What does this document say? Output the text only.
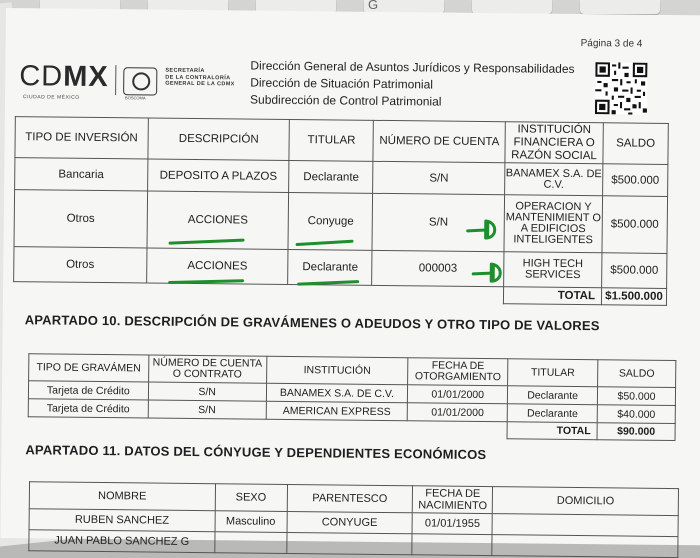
G
Página 3 de 4
CDMX
CIUDAD DE MÉXICO	BOSCOMA
SECRETARÍA
DE LA CONTRALORÍA
GENERAL DE LA CDMX
Dirección General de Asuntos Jurídicos y Responsabilidades
Dirección de Situación Patrimonial
Subdirección de Control Patrimonial
TIPO DE INVERSIÓN	DESCRIPCIÓN	TITULAR	NÚMERO DE CUENTA	INSTITUCIÓN FINANCIERA O RAZÓN SOCIAL	SALDO
Bancaria	DEPOSITO A PLAZOS	Declarante	S/N	BANAMEX S.A. DE C.V.	$500.000
Otros	ACCIONES	Conyuge	S/N	OPERACION Y MANTENIMIENT O A EDIFICIOS INTELIGENTES	$500.000
Otros	ACCIONES	Declarante	000003	HIGH TECH SERVICES	$500.000
				TOTAL	$1.500.000
APARTADO 10. DESCRIPCIÓN DE GRAVÁMENES O ADEUDOS Y OTRO TIPO DE VALORES
TIPO DE GRAVÁMEN	NÚMERO DE CUENTA O CONTRATO	INSTITUCIÓN	FECHA DE OTORGAMIENTO	TITULAR	SALDO
Tarjeta de Crédito	S/N	BANAMEX S.A. DE C.V.	01/01/2000	Declarante	$50.000
Tarjeta de Crédito	S/N	AMERICAN EXPRESS	01/01/2000	Declarante	$40.000
				TOTAL	$90.000
APARTADO 11. DATOS DEL CÓNYUGE Y DEPENDIENTES ECONÓMICOS
NOMBRE	SEXO	PARENTESCO	FECHA DE NACIMIENTO	DOMICILIO
RUBEN SANCHEZ	Masculino	CONYUGE	01/01/1955	
JUAN PABLO SANCHEZ G				
